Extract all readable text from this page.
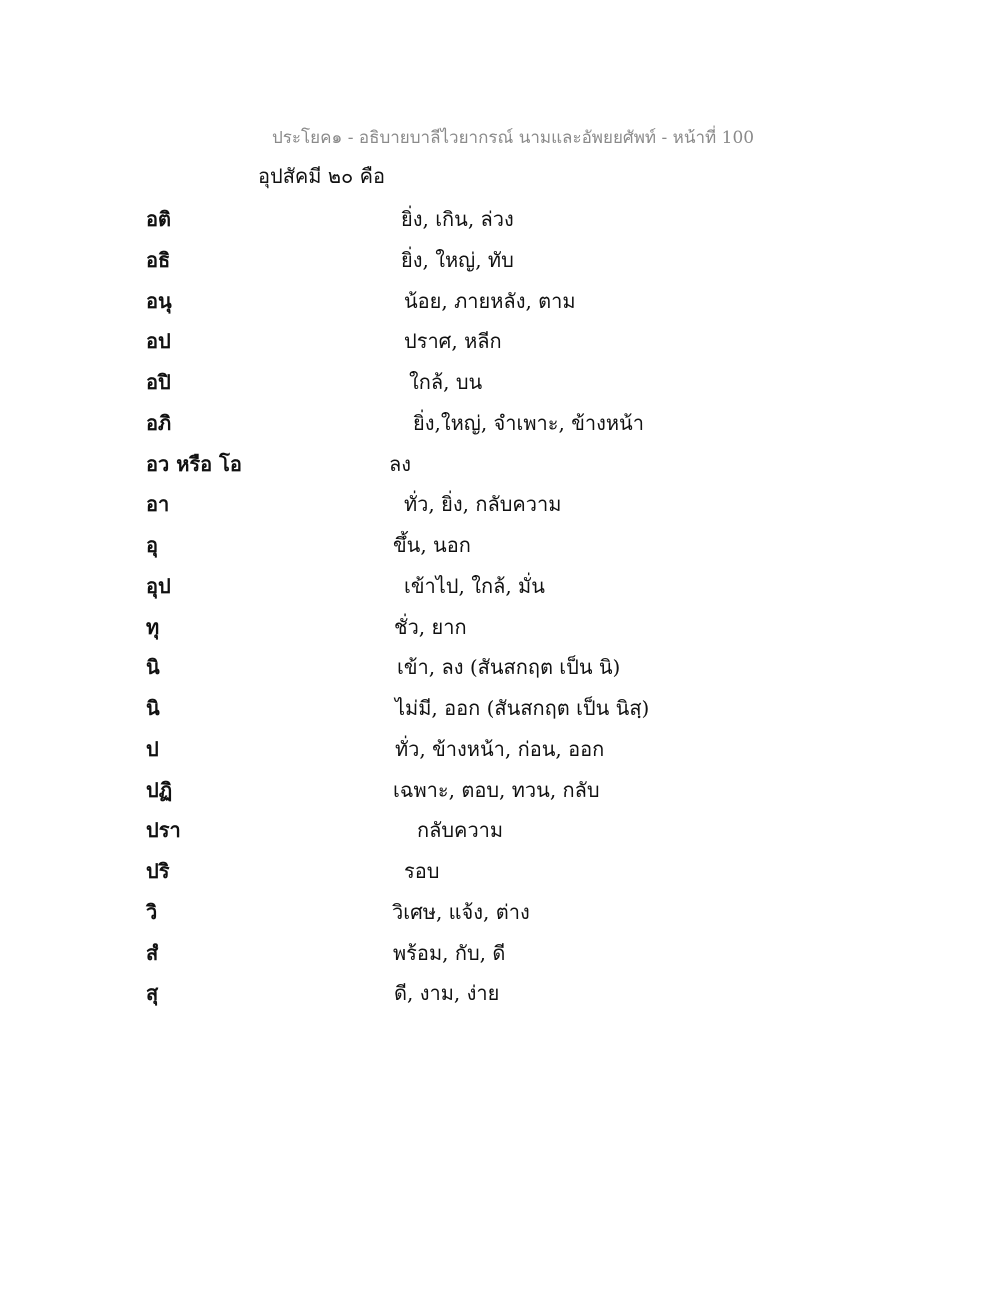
ประโยค๑ - อธิบายบาลีไวยากรณ์ นามและอัพยยศัพท์ - หน้าที่ 100
อุปสัคมี ๒๐ คือ
อติ	ยิ่ง, เกิน, ล่วง
อธิ	ยิ่ง, ใหญ่, ทับ
อนุ	น้อย, ภายหลัง, ตาม
อป	ปราศ, หลีก
อปิ	ใกล้, บน
อภิ	ยิ่ง,ใหญ่, จำเพาะ, ข้างหน้า
อว หรือ โอ	ลง
อา	ทั่ว, ยิ่ง, กลับความ
อุ	ขึ้น, นอก
อุป	เข้าไป, ใกล้, มั่น
ทุ	ชั่ว, ยาก
นิ	เข้า, ลง (สันสกฤต เป็น นิ)
นิ	ไม่มี, ออก (สันสกฤต เป็น นิสฺ)
ป	ทั่ว, ข้างหน้า, ก่อน, ออก
ปฏิ	เฉพาะ, ตอบ, ทวน, กลับ
ปรา	กลับความ
ปริ	รอบ
วิ	วิเศษ, แจ้ง, ต่าง
สํ	พร้อม, กับ, ดี
สุ	ดี, งาม, ง่าย
